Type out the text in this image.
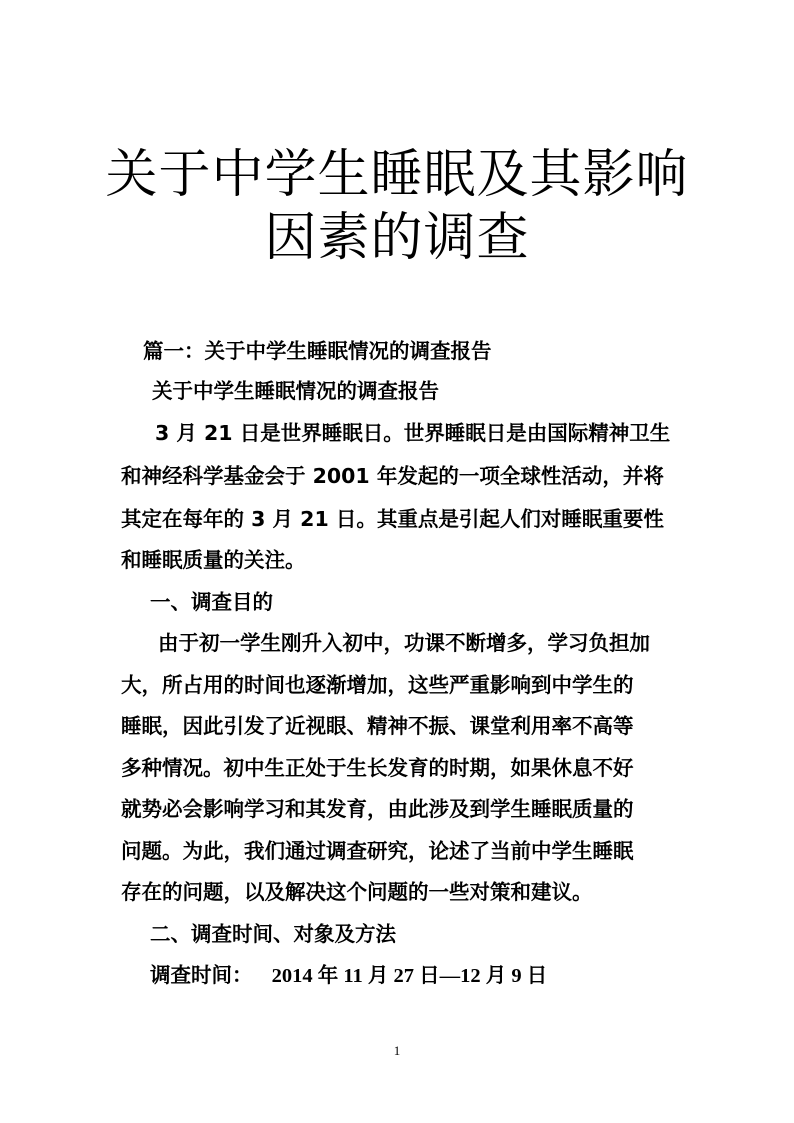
关于中学生睡眠及其影响
因素的调查
篇一：关于中学生睡眠情况的调查报告
关于中学生睡眠情况的调查报告
3 月 21 日是世界睡眠日。世界睡眠日是由国际精神卫生
和神经科学基金会于 2001 年发起的一项全球性活动，并将
其定在每年的 3 月 21 日。其重点是引起人们对睡眠重要性
和睡眠质量的关注。
一、调查目的
由于初一学生刚升入初中，功课不断增多，学习负担加
大，所占用的时间也逐渐增加，这些严重影响到中学生的
睡眠，因此引发了近视眼、精神不振、课堂利用率不高等
多种情况。初中生正处于生长发育的时期，如果休息不好
就势必会影响学习和其发育，由此涉及到学生睡眠质量的
问题。为此，我们通过调查研究，论述了当前中学生睡眠
存在的问题，以及解决这个问题的一些对策和建议。
二、调查时间、对象及方法
调查时间： 2014 年 11 月 27 日—12 月 9 日
1
